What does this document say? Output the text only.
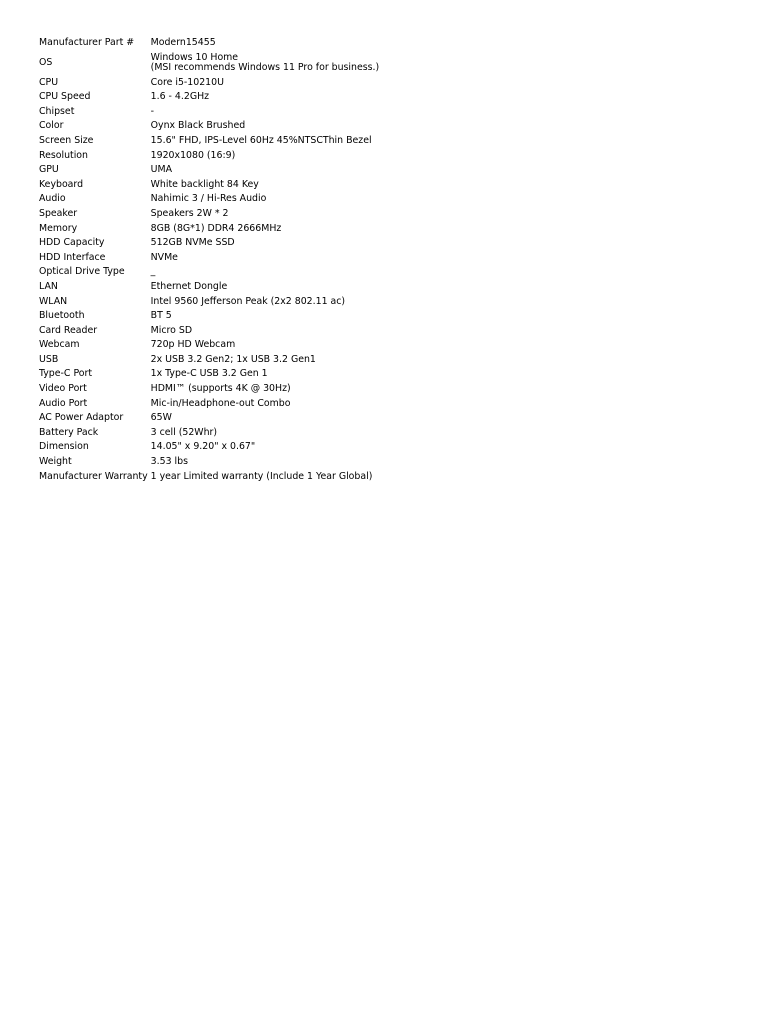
Manufacturer Part #	Modern15455
OS	Windows 10 Home
(MSI recommends Windows 11 Pro for business.)

CPU	Core i5-10210U
CPU Speed	1.6 - 4.2GHz
Chipset	-
Color	Oynx Black Brushed
Screen Size	15.6" FHD, IPS-Level 60Hz 45%NTSCThin Bezel
Resolution	1920x1080 (16:9)
GPU	UMA
Keyboard	White backlight 84 Key
Audio	Nahimic 3 / Hi-Res Audio
Speaker	Speakers 2W * 2
Memory	8GB (8G*1) DDR4 2666MHz
HDD Capacity	512GB NVMe SSD
HDD Interface	NVMe
Optical Drive Type	_
LAN	Ethernet Dongle
WLAN	Intel 9560 Jefferson Peak (2x2 802.11 ac)
Bluetooth	BT 5
Card Reader	Micro SD
Webcam	720p HD Webcam
USB	2x USB 3.2 Gen2; 1x USB 3.2 Gen1
Type-C Port	1x Type-C USB 3.2 Gen 1
Video Port	HDMI™ (supports 4K @ 30Hz)
Audio Port	Mic-in/Headphone-out Combo
AC Power Adaptor	65W
Battery Pack	3 cell (52Whr)
Dimension	14.05" x 9.20" x 0.67"
Weight	3.53 lbs
Manufacturer Warranty	1 year Limited warranty (Include 1 Year Global)
